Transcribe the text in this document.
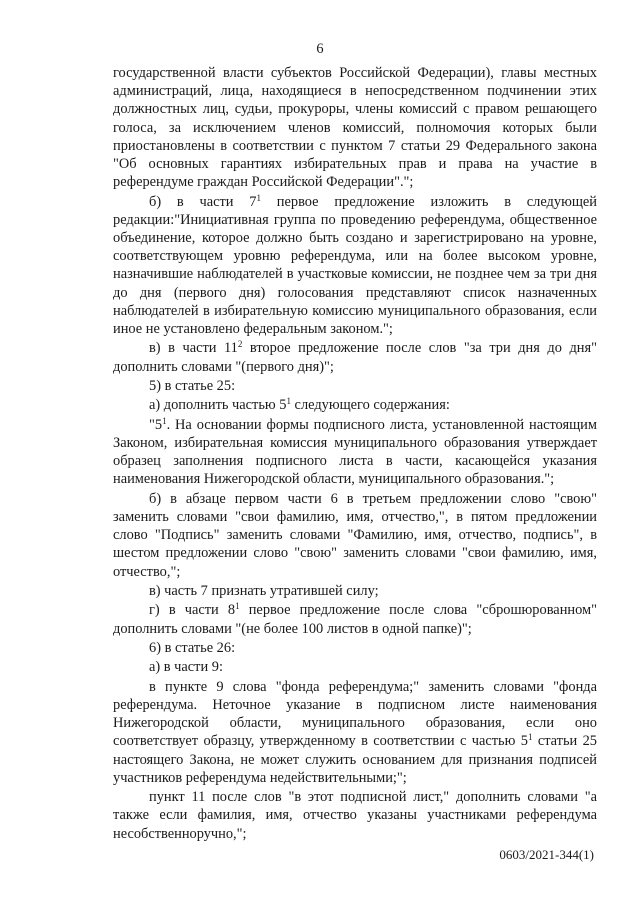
6

государственной власти субъектов Российской Федерации), главы местных администраций, лица, находящиеся в непосредственном подчинении этих должностных лиц, судьи, прокуроры, члены комиссий с правом решающего голоса, за исключением членов комиссий, полномочия которых были приостановлены в соответствии с пунктом 7 статьи 29 Федерального закона "Об основных гарантиях избирательных прав и права на участие в референдуме граждан Российской Федерации".";

б) в части $7^1$ первое предложение изложить в следующей редакции:"Инициативная группа по проведению референдума, общественное объединение, которое должно быть создано и зарегистрировано на уровне, соответствующем уровню референдума, или на более высоком уровне, назначившие наблюдателей в участковые комиссии, не позднее чем за три дня до дня (первого дня) голосования представляют список назначенных наблюдателей в избирательную комиссию муниципального образования, если иное не установлено федеральным законом.";

в) в части $11^2$ второе предложение после слов "за три дня до дня" дополнить словами "(первого дня)";

5) в статье 25:

а) дополнить частью $5^1$ следующего содержания:

"$5^1$. На основании формы подписного листа, установленной настоящим Законом, избирательная комиссия муниципального образования утверждает образец заполнения подписного листа в части, касающейся указания наименования Нижегородской области, муниципального образования.";

б) в абзаце первом части 6 в третьем предложении слово "свою" заменить словами "свои фамилию, имя, отчество,", в пятом предложении слово "Подпись" заменить словами "Фамилию, имя, отчество, подпись", в шестом предложении слово "свою" заменить словами "свои фамилию, имя, отчество,";

в) часть 7 признать утратившей силу;

г) в части $8^1$ первое предложение после слова "сброшюрованном" дополнить словами "(не более 100 листов в одной папке)";

6) в статье 26:

а) в части 9:

в пункте 9 слова "фонда референдума;" заменить словами "фонда референдума. Неточное указание в подписном листе наименования Нижегородской области, муниципального образования, если оно соответствует образцу, утвержденному в соответствии с частью $5^1$ статьи 25 настоящего Закона, не может служить основанием для признания подписей участников референдума недействительными;";

пункт 11 после слов "в этот подписной лист," дополнить словами "а также если фамилия, имя, отчество указаны участниками референдума несобственноручно,";

0603/2021-344(1)
